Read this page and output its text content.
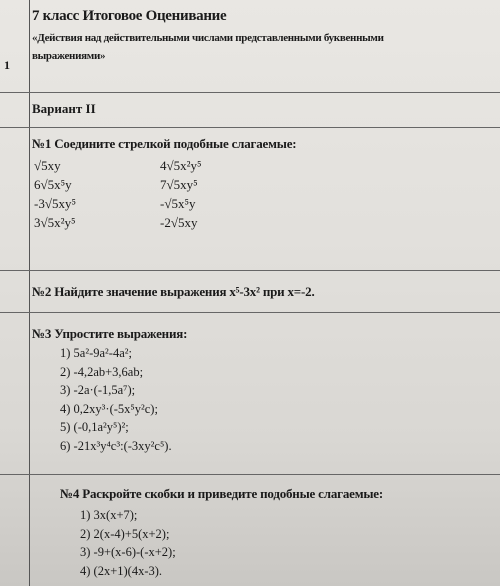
1
7 класс Итоговое Оценивание
«Действия над действительными числами представленными буквенными
выражениями»
Вариант II
№1 Соедините стрелкой подобные слагаемые:
√5xy
6√5x⁵y
-3√5xy⁵
3√5x²y⁵
4√5x²y⁵
7√5xy⁵
-√5x⁵y
-2√5xy
№2 Найдите значение выражения x⁵-3x² при x=-2.
№3 Упростите выражения:
1) 5a²-9a²-4a²;
2) -4,2ab+3,6ab;
3) -2a·(-1,5a⁷);
4) 0,2xy³·(-5x⁵y²c);
5) (-0,1a²y⁵)²;
6) -21x³y⁴c³:(-3xy²c⁵).
№4 Раскройте скобки и приведите подобные слагаемые:
1) 3x(x+7);
2) 2(x-4)+5(x+2);
3) -9+(x-6)-(-x+2);
4) (2x+1)(4x-3).
